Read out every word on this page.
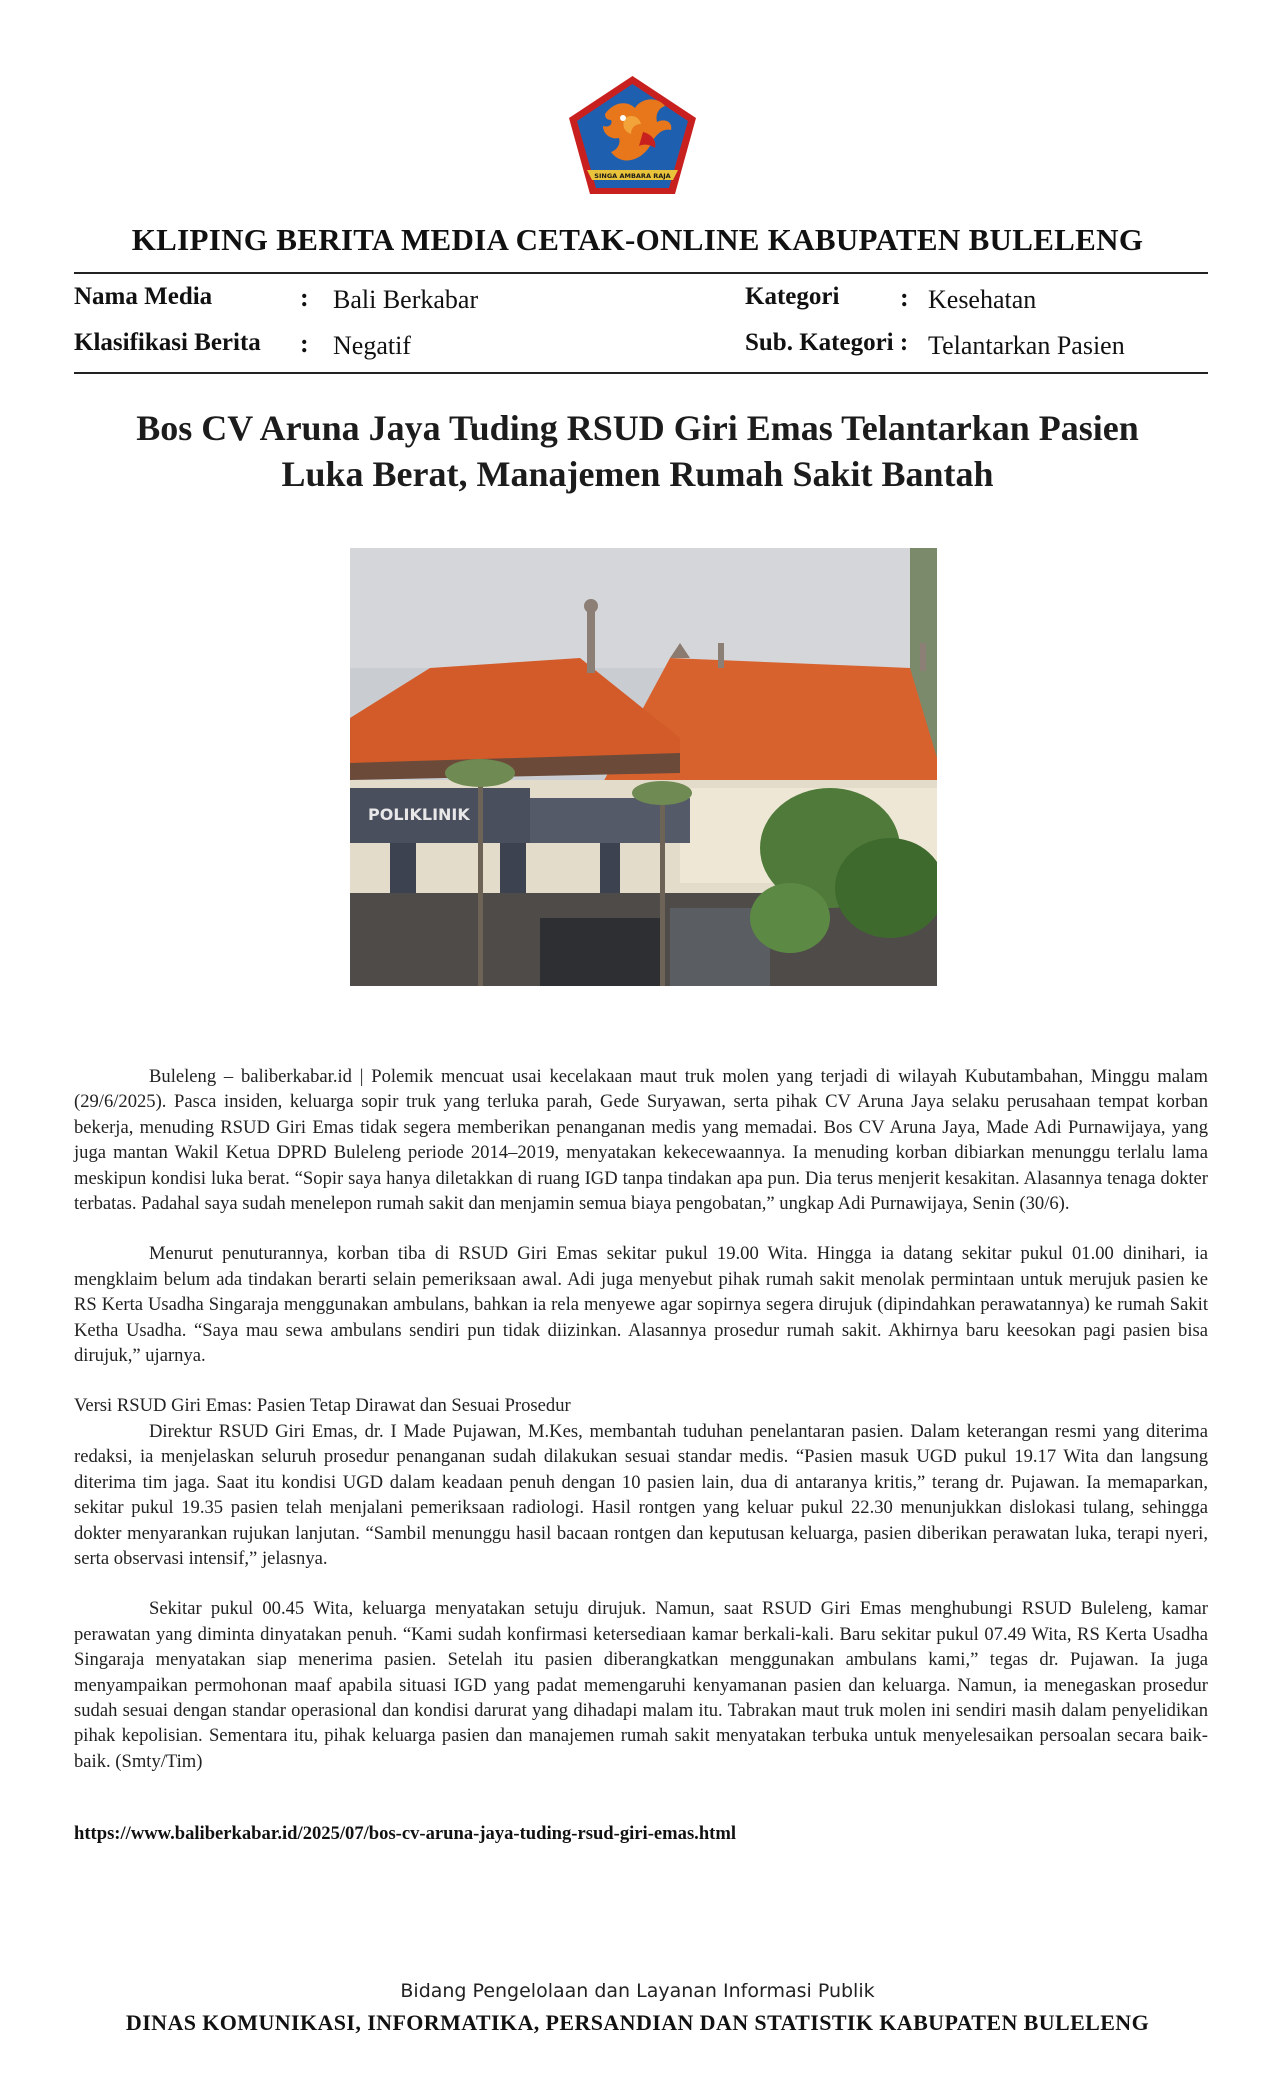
SINGA AMBARA RAJA
KLIPING BERITA MEDIA CETAK-ONLINE KABUPATEN BULELENG
Nama Media	: Bali Berkabar
Klasifikasi Berita : Negatif
Kategori : Kesehatan
Sub. Kategori : Telantarkan Pasien
Bos CV Aruna Jaya Tuding RSUD Giri Emas Telantarkan Pasien Luka Berat, Manajemen Rumah Sakit Bantah
POLIKLINIK

Buleleng – baliberkabar.id | Polemik mencuat usai kecelakaan maut truk molen yang terjadi di wilayah Kubutambahan, Minggu malam (29/6/2025). Pasca insiden, keluarga sopir truk yang terluka parah, Gede Suryawan, serta pihak CV Aruna Jaya selaku perusahaan tempat korban bekerja, menuding RSUD Giri Emas tidak segera memberikan penanganan medis yang memadai. Bos CV Aruna Jaya, Made Adi Purnawijaya, yang juga mantan Wakil Ketua DPRD Buleleng periode 2014–2019, menyatakan kekecewaannya. Ia menuding korban dibiarkan menunggu terlalu lama meskipun kondisi luka berat. “Sopir saya hanya diletakkan di ruang IGD tanpa tindakan apa pun. Dia terus menjerit kesakitan. Alasannya tenaga dokter terbatas. Padahal saya sudah menelepon rumah sakit dan menjamin semua biaya pengobatan,” ungkap Adi Purnawijaya, Senin (30/6).

Menurut penuturannya, korban tiba di RSUD Giri Emas sekitar pukul 19.00 Wita. Hingga ia datang sekitar pukul 01.00 dinihari, ia mengklaim belum ada tindakan berarti selain pemeriksaan awal. Adi juga menyebut pihak rumah sakit menolak permintaan untuk merujuk pasien ke RS Kerta Usadha Singaraja menggunakan ambulans, bahkan ia rela menyewe agar sopirnya segera dirujuk (dipindahkan perawatannya) ke rumah Sakit Ketha Usadha. “Saya mau sewa ambulans sendiri pun tidak diizinkan. Alasannya prosedur rumah sakit. Akhirnya baru keesokan pagi pasien bisa dirujuk,” ujarnya.

Versi RSUD Giri Emas: Pasien Tetap Dirawat dan Sesuai Prosedur

Direktur RSUD Giri Emas, dr. I Made Pujawan, M.Kes, membantah tuduhan penelantaran pasien. Dalam keterangan resmi yang diterima redaksi, ia menjelaskan seluruh prosedur penanganan sudah dilakukan sesuai standar medis. “Pasien masuk UGD pukul 19.17 Wita dan langsung diterima tim jaga. Saat itu kondisi UGD dalam keadaan penuh dengan 10 pasien lain, dua di antaranya kritis,” terang dr. Pujawan. Ia memaparkan, sekitar pukul 19.35 pasien telah menjalani pemeriksaan radiologi. Hasil rontgen yang keluar pukul 22.30 menunjukkan dislokasi tulang, sehingga dokter menyarankan rujukan lanjutan. “Sambil menunggu hasil bacaan rontgen dan keputusan keluarga, pasien diberikan perawatan luka, terapi nyeri, serta observasi intensif,” jelasnya.

Sekitar pukul 00.45 Wita, keluarga menyatakan setuju dirujuk. Namun, saat RSUD Giri Emas menghubungi RSUD Buleleng, kamar perawatan yang diminta dinyatakan penuh. “Kami sudah konfirmasi ketersediaan kamar berkali-kali. Baru sekitar pukul 07.49 Wita, RS Kerta Usadha Singaraja menyatakan siap menerima pasien. Setelah itu pasien diberangkatkan menggunakan ambulans kami,” tegas dr. Pujawan. Ia juga menyampaikan permohonan maaf apabila situasi IGD yang padat memengaruhi kenyamanan pasien dan keluarga. Namun, ia menegaskan prosedur sudah sesuai dengan standar operasional dan kondisi darurat yang dihadapi malam itu. Tabrakan maut truk molen ini sendiri masih dalam penyelidikan pihak kepolisian. Sementara itu, pihak keluarga pasien dan manajemen rumah sakit menyatakan terbuka untuk menyelesaikan persoalan secara baik-baik. (Smty/Tim)

https://www.baliberkabar.id/2025/07/bos-cv-aruna-jaya-tuding-rsud-giri-emas.html
Bidang Pengelolaan dan Layanan Informasi Publik
DINAS KOMUNIKASI, INFORMATIKA, PERSANDIAN DAN STATISTIK KABUPATEN BULELENG
